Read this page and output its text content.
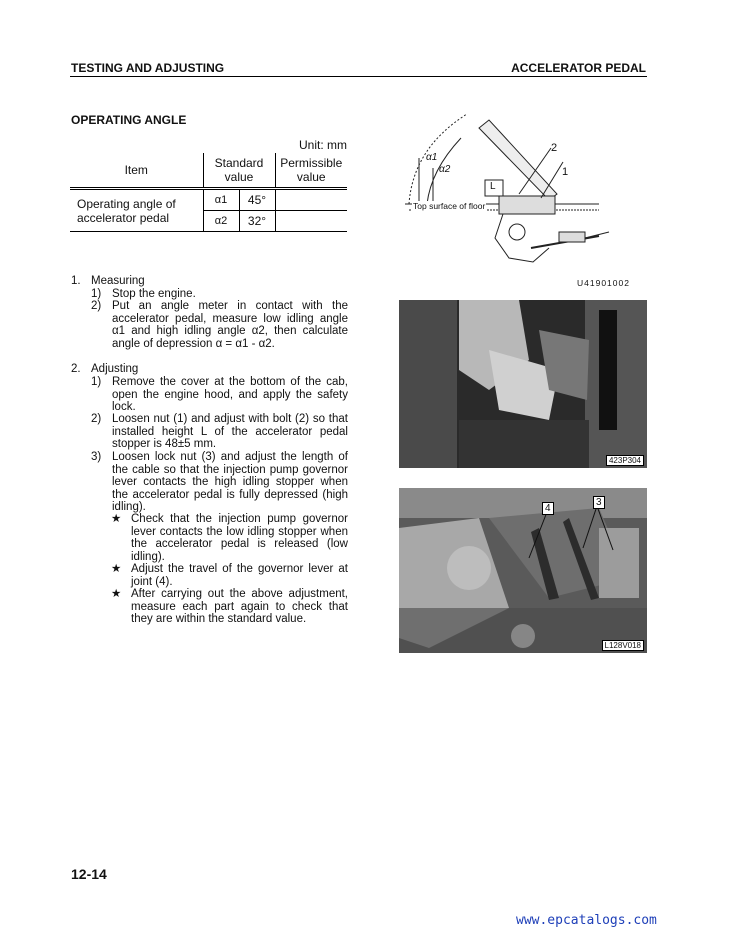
TESTING AND ADJUSTING	ACCELERATOR PEDAL
OPERATING ANGLE
Unit: mm
Item	Standard value		Permissible value
Operating angle of accelerator pedal	α1	45°	
	α2	32°	
1. Measuring
1) Stop the engine.
2) Put an angle meter in contact with the accelerator pedal, measure low idling angle α1 and high idling angle α2, then calculate angle of depression α = α1 - α2.
2. Adjusting
1) Remove the cover at the bottom of the cab, open the engine hood, and apply the safety lock.
2) Loosen nut (1) and adjust with bolt (2) so that installed height L of the accelerator pedal stopper is 48±5 mm.
3) Loosen lock nut (3) and adjust the length of the cable so that the injection pump governor lever contacts the high idling stopper when the accelerator pedal is fully depressed (high idling).
★ Check that the injection pump governor lever contacts the low idling stopper when the accelerator pedal is released (low idling).
★ Adjust the travel of the governor lever at joint (4).
★ After carrying out the above adjustment, measure each part again to check that they are within the standard value.
α1
α2
L
1
2
Top surface of floor
U41901002
423P304
4
3
L128V018
12-14
www.epcatalogs.com
